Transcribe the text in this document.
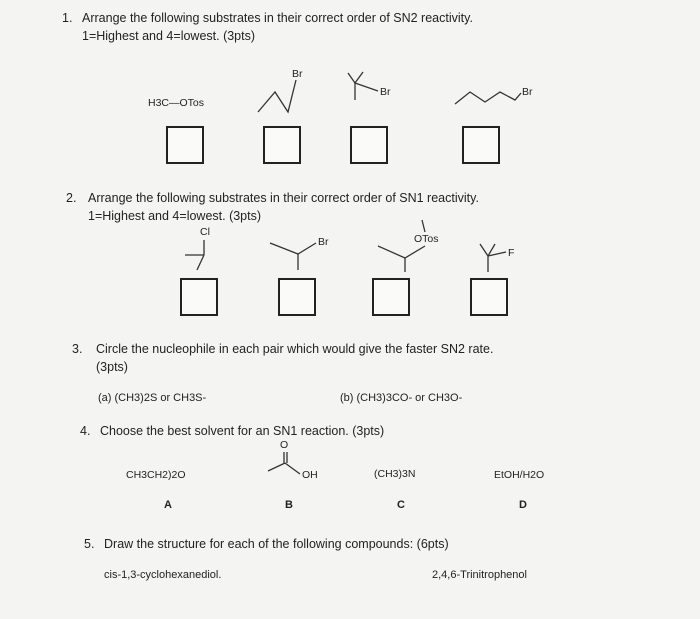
1. Arrange the following substrates in their correct order of SN2 reactivity.
1=Highest and 4=lowest. (3pts)
H3C—OTos
Br
Br	Br
2. Arrange the following substrates in their correct order of SN1 reactivity.
1=Highest and 4=lowest. (3pts)
Cl
Br	OTos
F
3. Circle the nucleophile in each pair which would give the faster SN2 rate.
(3pts)
(a) (CH3)2S or CH3S-	(b) (CH3)3CO- or CH3O-
4. Choose the best solvent for an SN1 reaction. (3pts)
CH3CH2)2O
O
OH	(CH3)3N	EtOH/H2O
A	B	C	D
5. Draw the structure for each of the following compounds: (6pts)
cis-1,3-cyclohexanediol.	2,4,6-Trinitrophenol
